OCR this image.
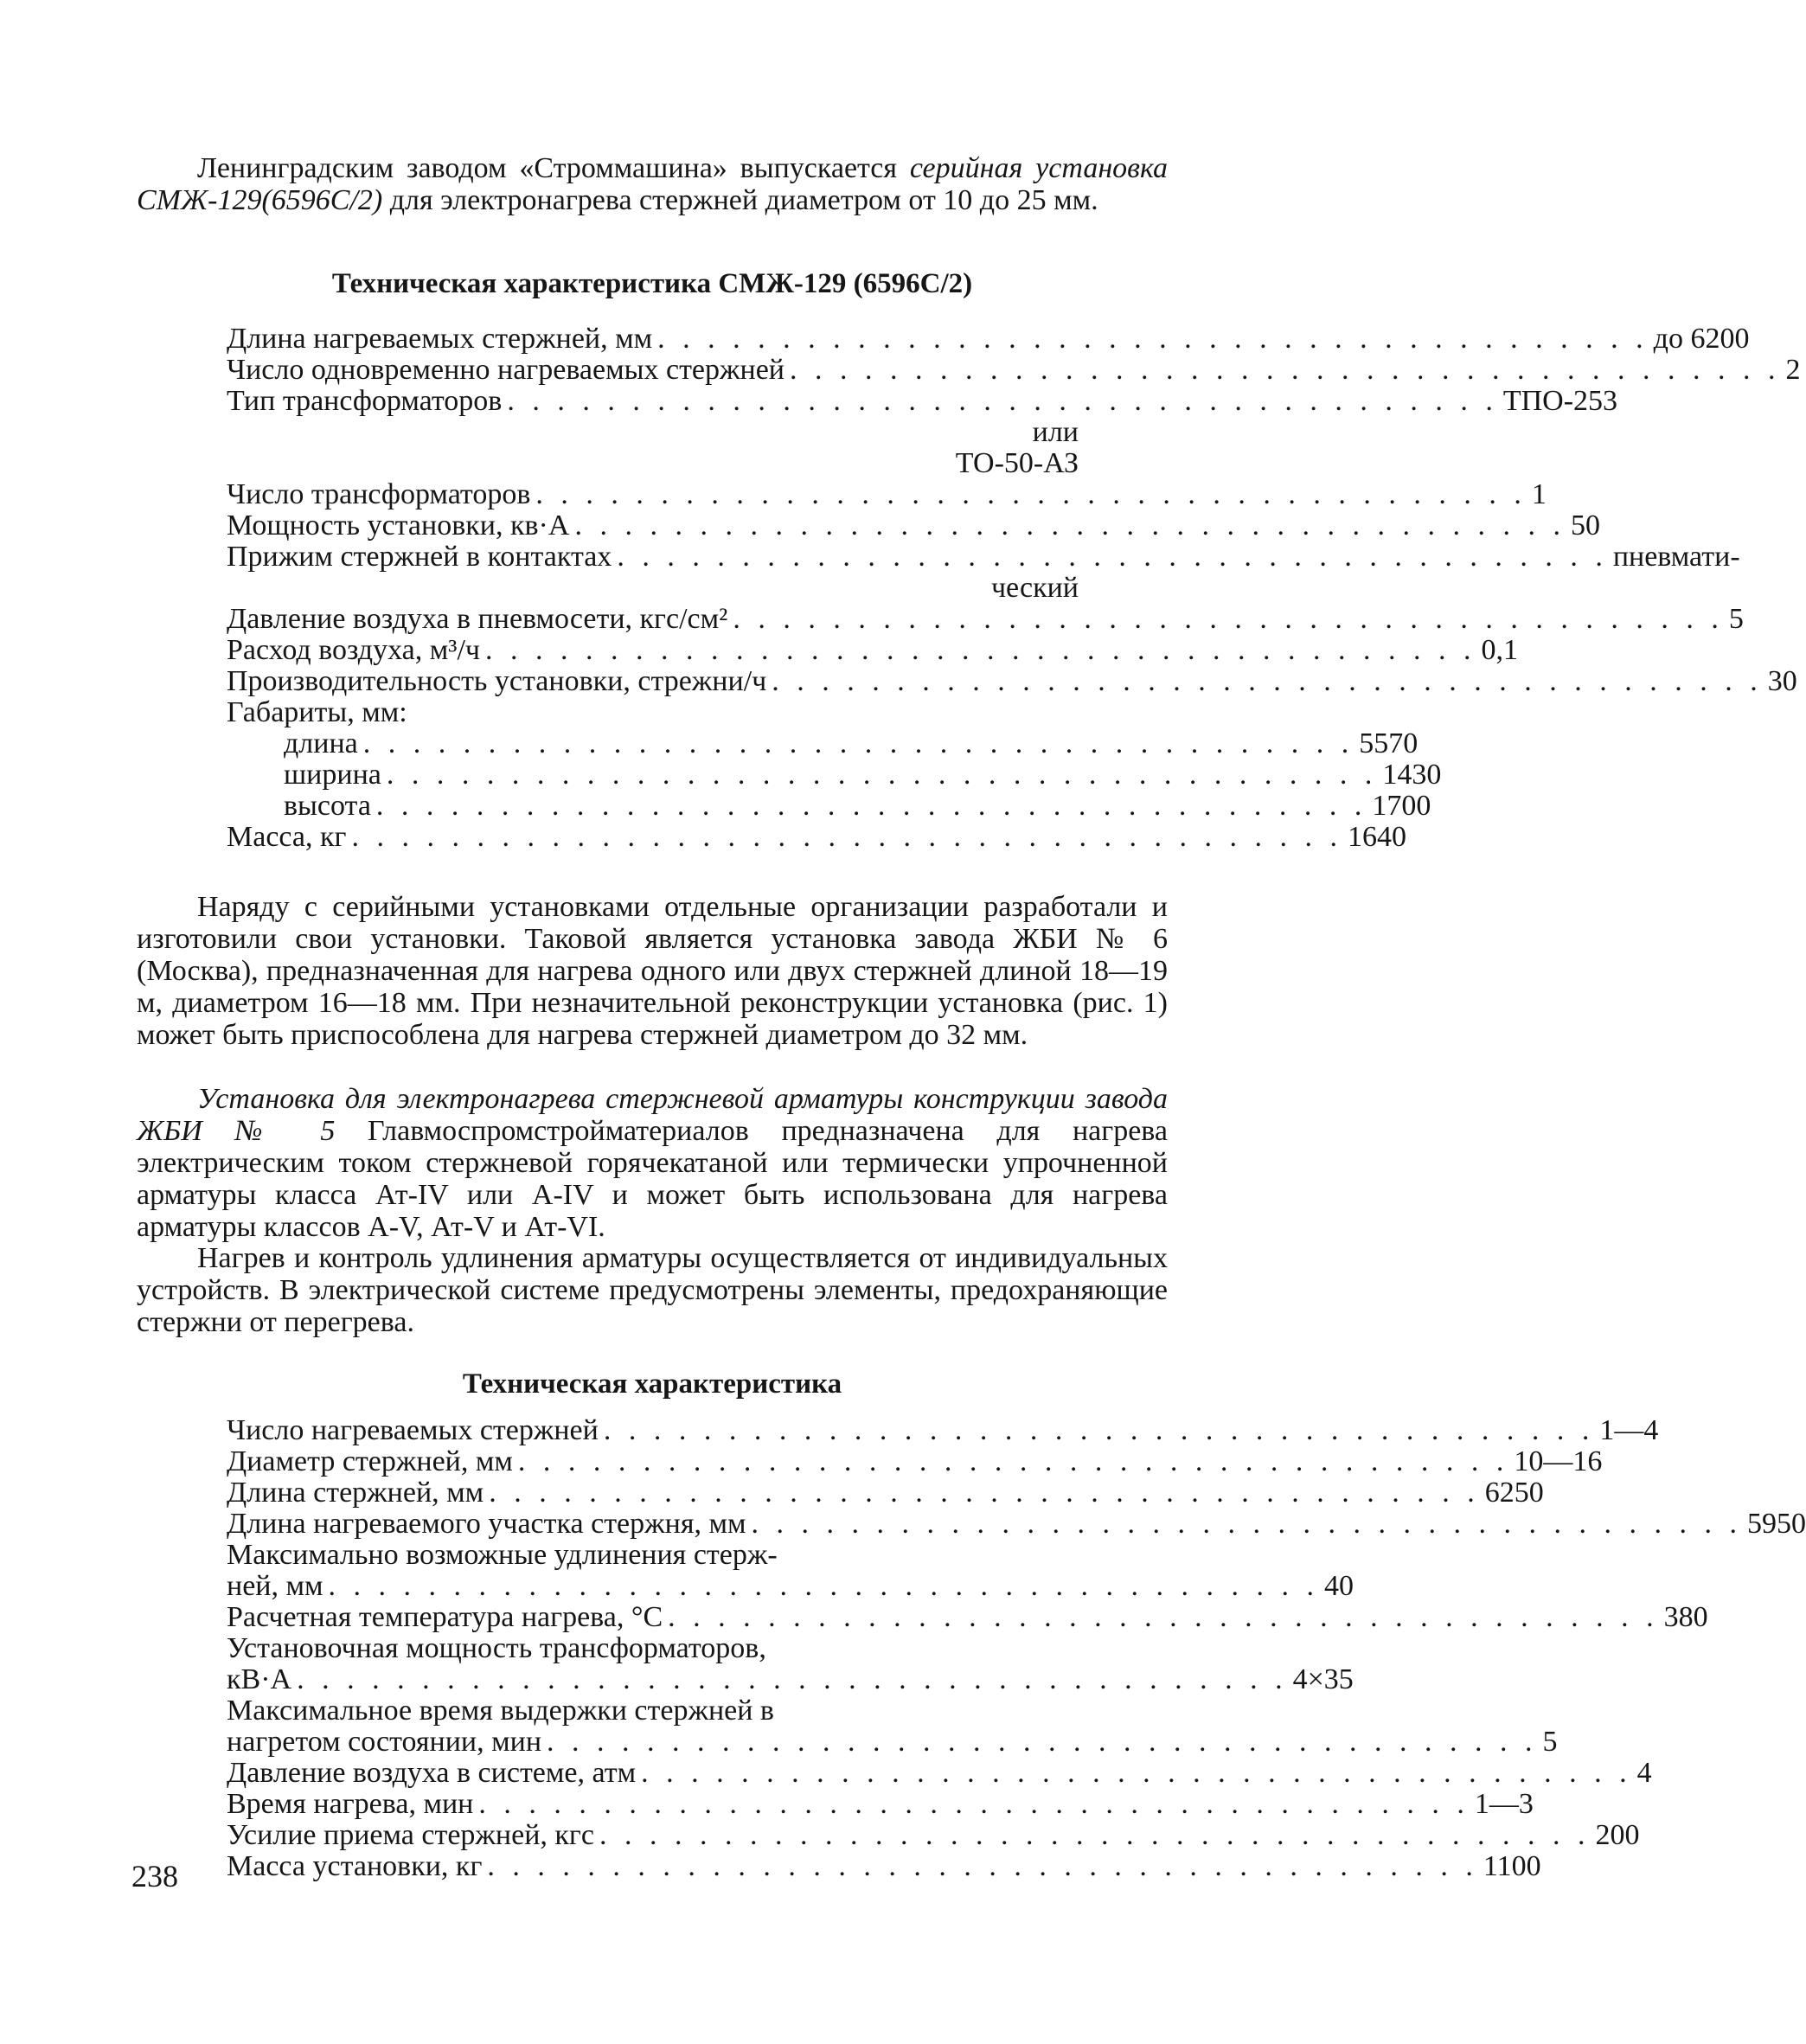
Ленинградским заводом «Строммашина» выпускается серийная установка СМЖ-129(6596С/2) для электронагрева стержней диаметром от 10 до 25 мм.

Техническая характеристика СМЖ-129 (6596С/2)
Длина нагреваемых стержней, мм . . . . . . . . . . . . . . . . . . . . . . . . . . . . . . . . . . . . . . . . до 6200
Число одновременно нагреваемых стержней . . . . . . . . . . . . . . . . . . . . . . . . . . . . . . . . . . . . . . . . 2
Тип трансформаторов . . . . . . . . . . . . . . . . . . . . . . . . . . . . . . . . . . . . . . . . ТПО-253
или
ТО-50-АЗ
Число трансформаторов . . . . . . . . . . . . . . . . . . . . . . . . . . . . . . . . . . . . . . . . 1
Мощность установки, кв·А . . . . . . . . . . . . . . . . . . . . . . . . . . . . . . . . . . . . . . . . 50
Прижим стержней в контактах . . . . . . . . . . . . . . . . . . . . . . . . . . . . . . . . . . . . . . . . пневмати-
ческий
Давление воздуха в пневмосети, кгс/см² . . . . . . . . . . . . . . . . . . . . . . . . . . . . . . . . . . . . . . . . 5
Расход воздуха, м³/ч . . . . . . . . . . . . . . . . . . . . . . . . . . . . . . . . . . . . . . . . 0,1
Производительность установки, стрежни/ч . . . . . . . . . . . . . . . . . . . . . . . . . . . . . . . . . . . . . . . . 30
Габариты, мм:
длина . . . . . . . . . . . . . . . . . . . . . . . . . . . . . . . . . . . . . . . . 5570
ширина . . . . . . . . . . . . . . . . . . . . . . . . . . . . . . . . . . . . . . . . 1430
высота . . . . . . . . . . . . . . . . . . . . . . . . . . . . . . . . . . . . . . . . 1700
Масса, кг . . . . . . . . . . . . . . . . . . . . . . . . . . . . . . . . . . . . . . . . 1640

Наряду с серийными установками отдельные организации разработали и изготовили свои установки. Таковой является установка завода ЖБИ № 6 (Москва), предназначенная для нагрева одного или двух стержней длиной 18—19 м, диаметром 16—18 мм. При незначительной реконструкции установка (рис. 1) может быть приспособлена для нагрева стержней диаметром до 32 мм.

Установка для электронагрева стержневой арматуры конструкции завода ЖБИ № 5 Главмоспромстройматериалов предназначена для нагрева электрическим током стержневой горячекатаной или термически упрочненной арматуры класса Ат-IV или А-IV и может быть использована для нагрева арматуры классов А-V, Ат-V и Ат-VI.

Нагрев и контроль удлинения арматуры осуществляется от индивидуальных устройств. В электрической системе предусмотрены элементы, предохраняющие стержни от перегрева.

Техническая характеристика
Число нагреваемых стержней . . . . . . . . . . . . . . . . . . . . . . . . . . . . . . . . . . . . . . . . 1—4
Диаметр стержней, мм . . . . . . . . . . . . . . . . . . . . . . . . . . . . . . . . . . . . . . . . 10—16
Длина стержней, мм . . . . . . . . . . . . . . . . . . . . . . . . . . . . . . . . . . . . . . . . 6250
Длина нагреваемого участка стержня, мм . . . . . . . . . . . . . . . . . . . . . . . . . . . . . . . . . . . . . . . . 5950
Максимально возможные удлинения стерж-
ней, мм . . . . . . . . . . . . . . . . . . . . . . . . . . . . . . . . . . . . . . . . 40
Расчетная температура нагрева, °С . . . . . . . . . . . . . . . . . . . . . . . . . . . . . . . . . . . . . . . . 380
Установочная мощность трансформаторов,
кВ·А . . . . . . . . . . . . . . . . . . . . . . . . . . . . . . . . . . . . . . . . 4×35
Максимальное время выдержки стержней в
нагретом состоянии, мин . . . . . . . . . . . . . . . . . . . . . . . . . . . . . . . . . . . . . . . . 5
Давление воздуха в системе, атм . . . . . . . . . . . . . . . . . . . . . . . . . . . . . . . . . . . . . . . . 4
Время нагрева, мин . . . . . . . . . . . . . . . . . . . . . . . . . . . . . . . . . . . . . . . . 1—3
Усилие приема стержней, кгс . . . . . . . . . . . . . . . . . . . . . . . . . . . . . . . . . . . . . . . . 200
Масса установки, кг . . . . . . . . . . . . . . . . . . . . . . . . . . . . . . . . . . . . . . . . 1100
238
